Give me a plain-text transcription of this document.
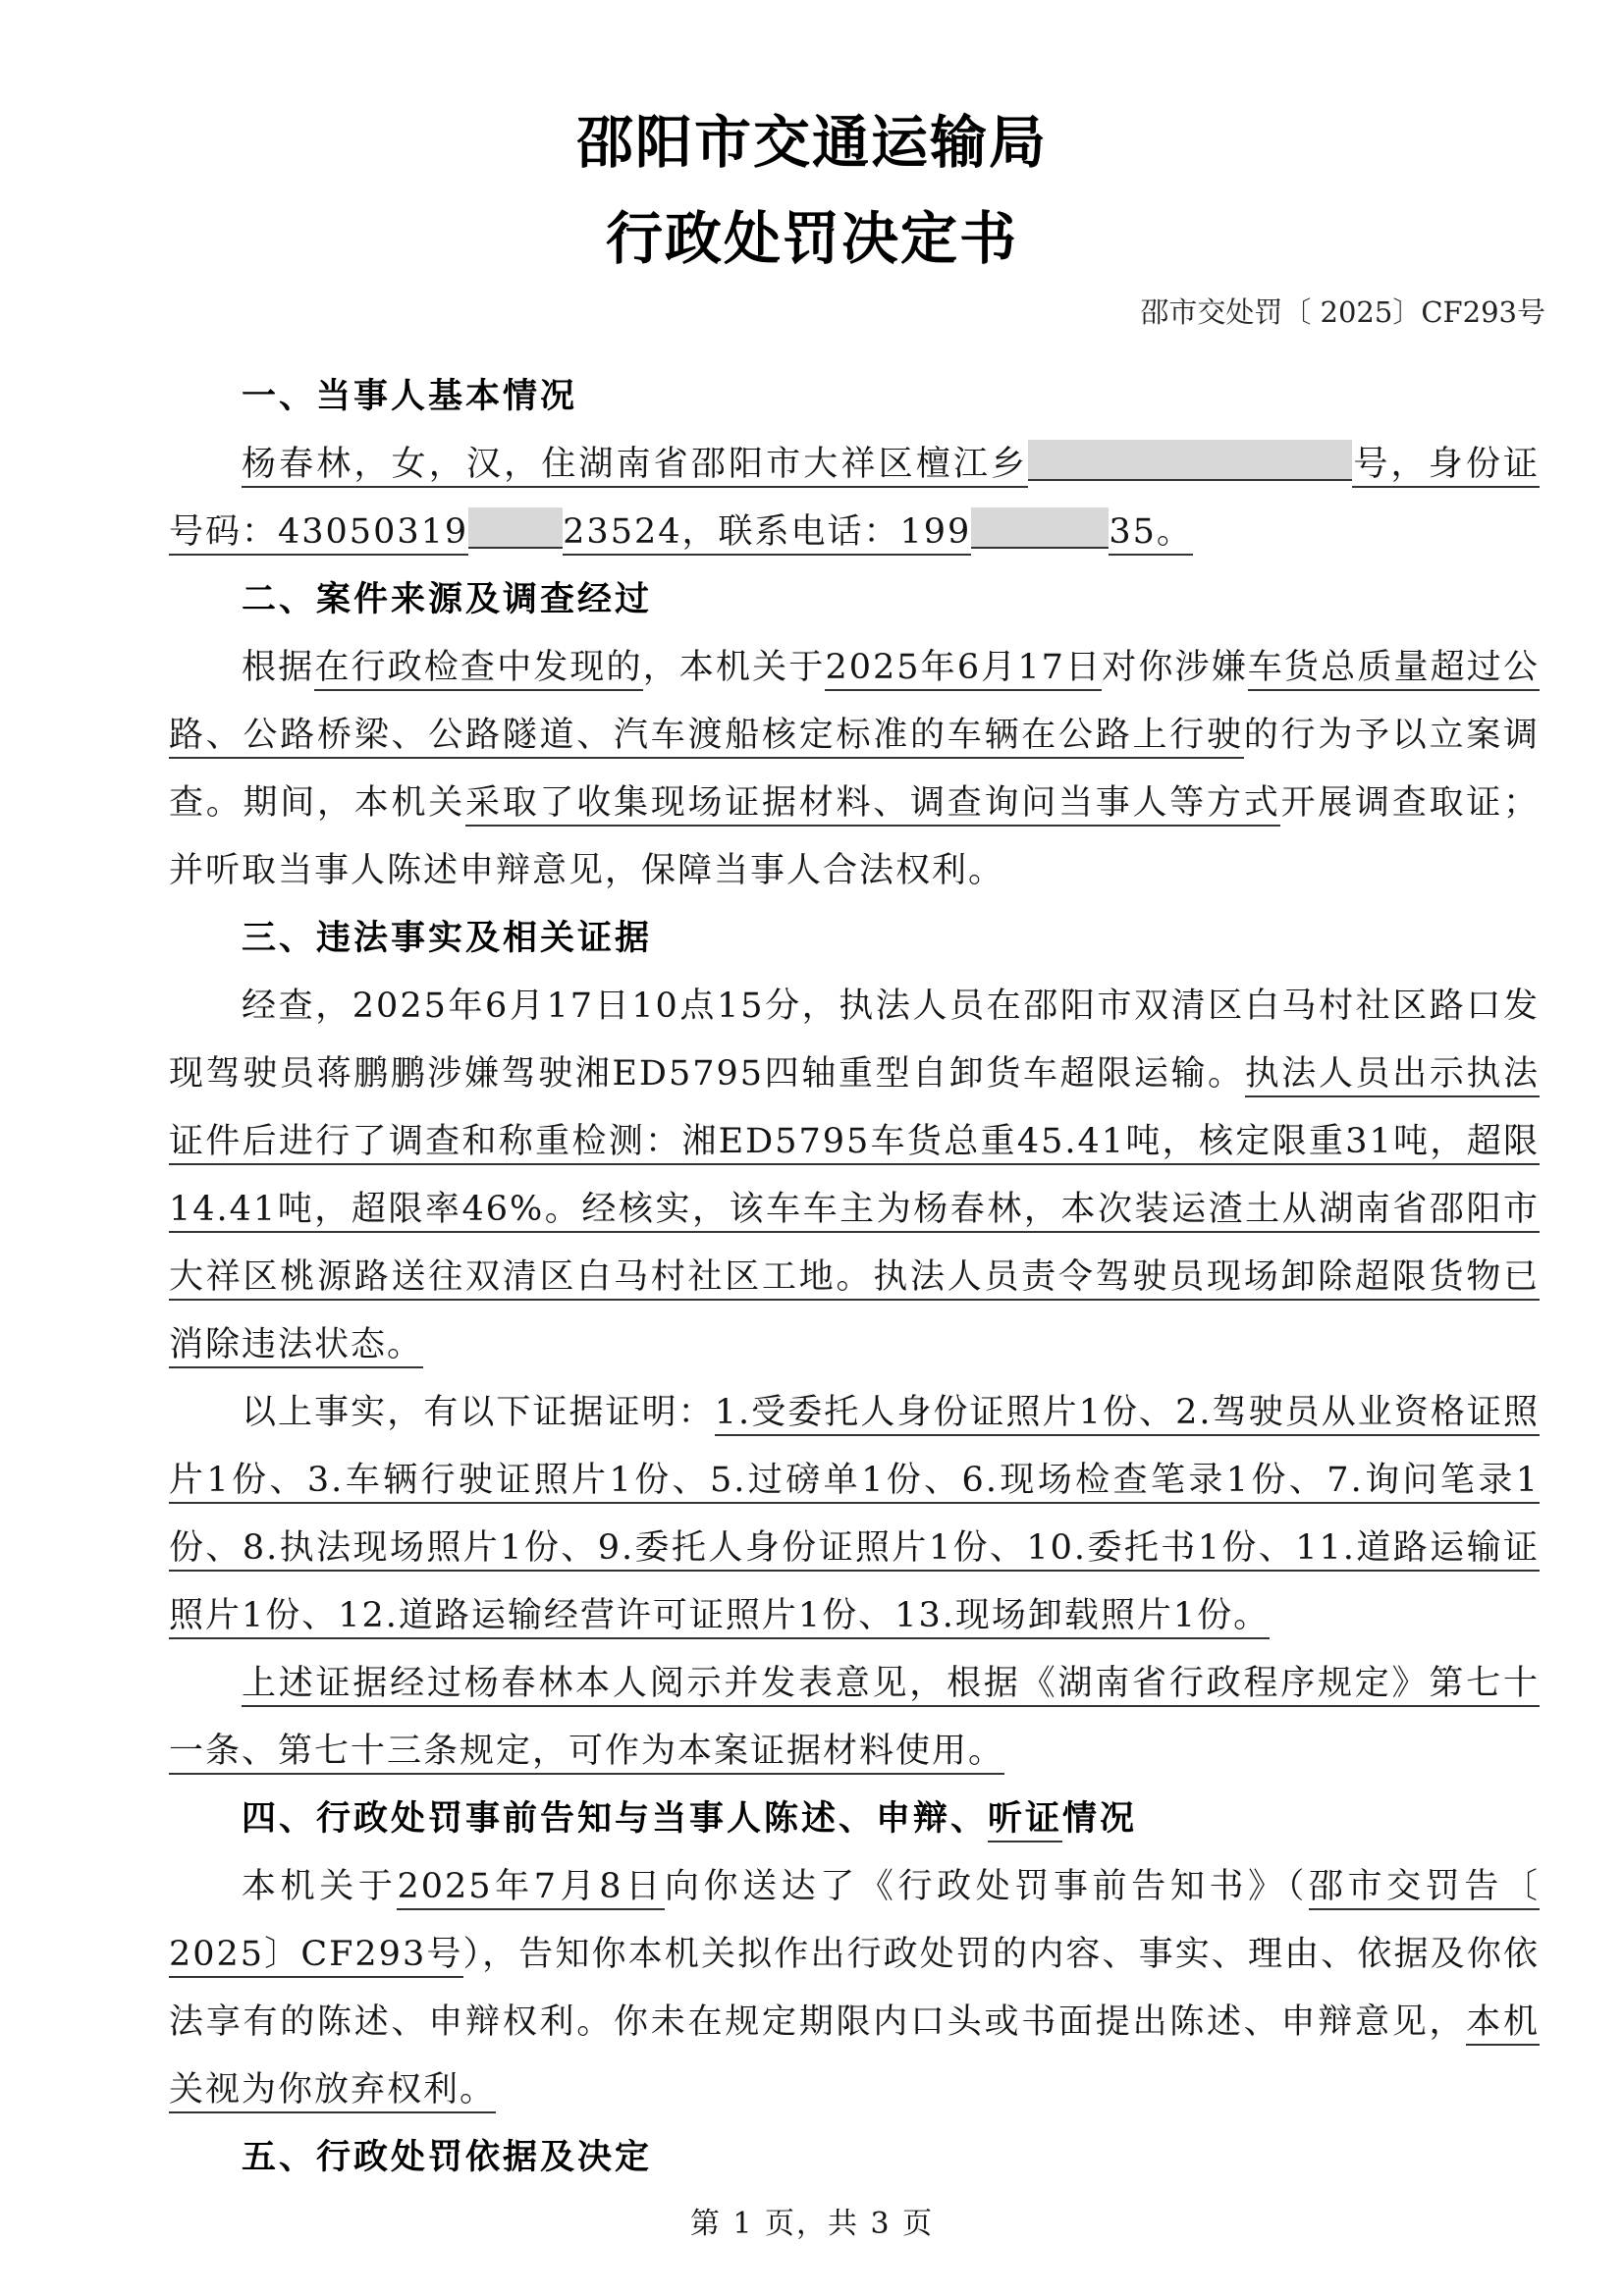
邵阳市交通运输局
行政处罚决定书
邵市交处罚〔 2025〕CF293号
一、当事人基本情况

杨春林，女，汉，住湖南省邵阳市大祥区檀江乡	号，身份证号码：43050319	23524，联系电话：199	35。

二、案件来源及调查经过

根据在行政检查中发现的，本机关于2025年6月17日对你涉嫌车货总质量超过公路、公路桥梁、公路隧道、汽车渡船核定标准的车辆在公路上行驶的行为予以立案调查。期间，本机关采取了收集现场证据材料、调查询问当事人等方式开展调查取证；并听取当事人陈述申辩意见，保障当事人合法权利。

三、违法事实及相关证据

经查，2025年6月17日10点15分，执法人员在邵阳市双清区白马村社区路口发现驾驶员蒋鹏鹏涉嫌驾驶湘ED5795四轴重型自卸货车超限运输。执法人员出示执法证件后进行了调查和称重检测：湘ED5795车货总重45.41吨，核定限重31吨，超限14.41吨，超限率46%。经核实，该车车主为杨春林，本次装运渣土从湖南省邵阳市大祥区桃源路送往双清区白马村社区工地。执法人员责令驾驶员现场卸除超限货物已消除违法状态。

以上事实，有以下证据证明：1.受委托人身份证照片1份、2.驾驶员从业资格证照片1份、3.车辆行驶证照片1份、5.过磅单1份、6.现场检查笔录1份、7.询问笔录1份、8.执法现场照片1份、9.委托人身份证照片1份、10.委托书1份、11.道路运输证照片1份、12.道路运输经营许可证照片1份、13.现场卸载照片1份。

上述证据经过杨春林本人阅示并发表意见，根据《湖南省行政程序规定》第七十一条、第七十三条规定，可作为本案证据材料使用。

四、行政处罚事前告知与当事人陈述、申辩、听证情况

本机关于2025年7月8日向你送达了《行政处罚事前告知书》（邵市交罚告〔 2025〕CF293号），告知你本机关拟作出行政处罚的内容、事实、理由、依据及你依法享有的陈述、申辩权利。你未在规定期限内口头或书面提出陈述、申辩意见，本机关视为你放弃权利。

五、行政处罚依据及决定
第 1 页，共 3 页
